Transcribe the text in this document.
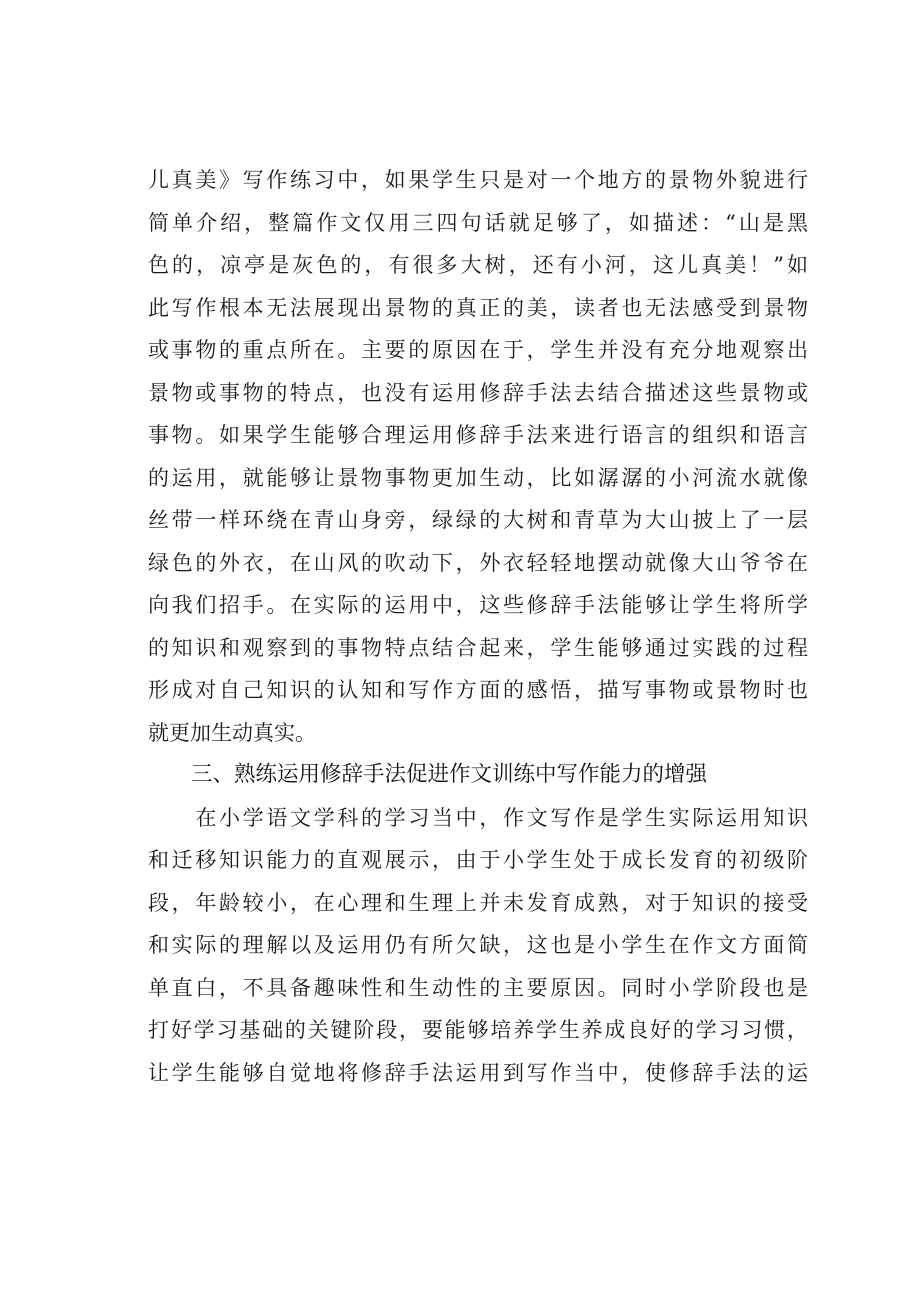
儿真美》写作练习中，如果学生只是对一个地方的景物外貌进行
简单介绍，整篇作文仅用三四句话就足够了，如描述：“山是黑
色的，凉亭是灰色的，有很多大树，还有小河，这儿真美！”如
此写作根本无法展现出景物的真正的美，读者也无法感受到景物
或事物的重点所在。主要的原因在于，学生并没有充分地观察出
景物或事物的特点，也没有运用修辞手法去结合描述这些景物或
事物。如果学生能够合理运用修辞手法来进行语言的组织和语言
的运用，就能够让景物事物更加生动，比如潺潺的小河流水就像
丝带一样环绕在青山身旁，绿绿的大树和青草为大山披上了一层
绿色的外衣，在山风的吹动下，外衣轻轻地摆动就像大山爷爷在
向我们招手。在实际的运用中，这些修辞手法能够让学生将所学
的知识和观察到的事物特点结合起来，学生能够通过实践的过程
形成对自己知识的认知和写作方面的感悟，描写事物或景物时也
就更加生动真实。
三、熟练运用修辞手法促进作文训练中写作能力的增强
　　在小学语文学科的学习当中，作文写作是学生实际运用知识
和迁移知识能力的直观展示，由于小学生处于成长发育的初级阶
段，年龄较小，在心理和生理上并未发育成熟，对于知识的接受
和实际的理解以及运用仍有所欠缺，这也是小学生在作文方面简
单直白，不具备趣味性和生动性的主要原因。同时小学阶段也是
打好学习基础的关键阶段，要能够培养学生养成良好的学习习惯，
让学生能够自觉地将修辞手法运用到写作当中，使修辞手法的运
